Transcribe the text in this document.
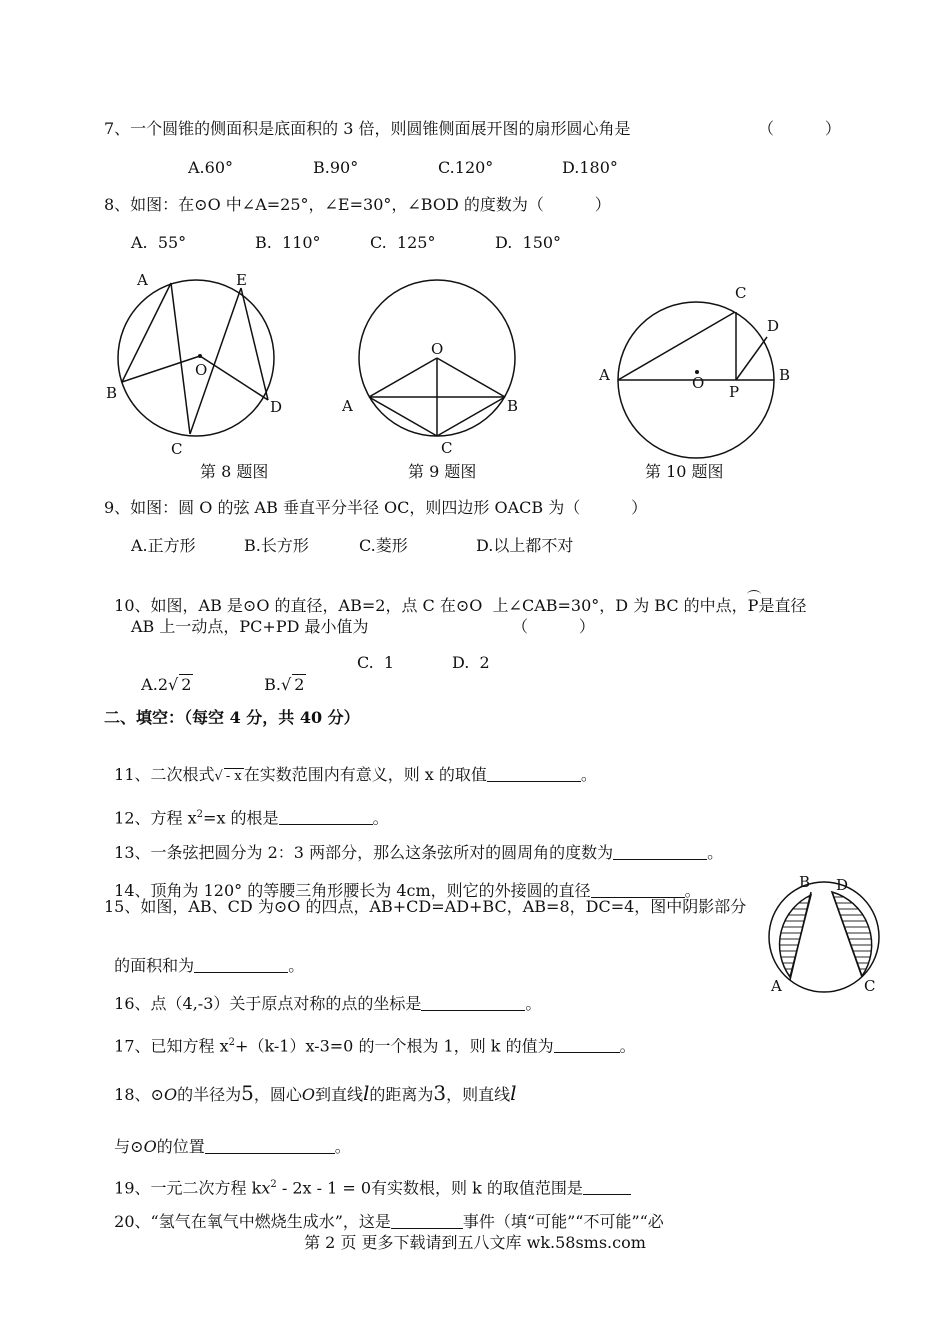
7、一个圆锥的侧面积是底面积的 3 倍，则圆锥侧面展开图的扇形圆心角是	（          ）
A.60°	B.90°	C.120°	D.180°
8、如图：在⊙O 中∠A=25°，∠E=30°，∠BOD 的度数为（          ）
A.  55°	B.  110°	C.  125°	D.  150°
A	E
B
O
D
C
O
A	B
C
C
D
A	O P
B
B D
A	C
第 8 题图	第 9 题图	第 10 题图
9、如图：圆 O 的弦 AB 垂直平分半径 OC，则四边形 OACB 为（          ）
A.正方形	B.长方形	C.菱形	D.以上都不对

10、如图，AB 是⊙O 的直径，AB=2，点 C 在⊙O  上∠CAB=30°，D 为 BC 的中点，
P是直径

AB 上一动点，PC+PD 最小值为	（          ）

A.2√ 2	B.√ 2

C.  1	D.  2
二、填空：（每空 4 分，共 40 分）

11、二次根式√ - x 在实数范围内有意义，则 x 的取值	。

12、方程 $x^2=x$ 的根是	。

13、一条弦把圆分为 2：3 两部分，那么这条弦所对的圆周角的度数为	。

14、顶角为 120° 的等腰三角形腰长为 4cm，则它的外接圆的直径	。

15、如图，AB、CD 为⊙O 的四点，AB+CD=AD+BC，AB=8，DC=4，图中阴影部分

的面积和为	。

16、点（4,-3）关于原点对称的点的坐标是	。

17、已知方程 $x^2+(k-1)x-3=0$ 的一个根为 1，则 k 的值为	。

18、⊙O的半径为5，圆心O到直线l的距离为3，则直线l

与⊙O的位置	。

19、一元二次方程 $kx^2 - 2x - 1 = 0$有实数根，则 k 的取值范围是

20、“氢气在氧气中燃烧生成水”，这是	事件（填“可能”“不可能”“必

第 2 页 更多下载请到五八文库 wk.58sms.com
